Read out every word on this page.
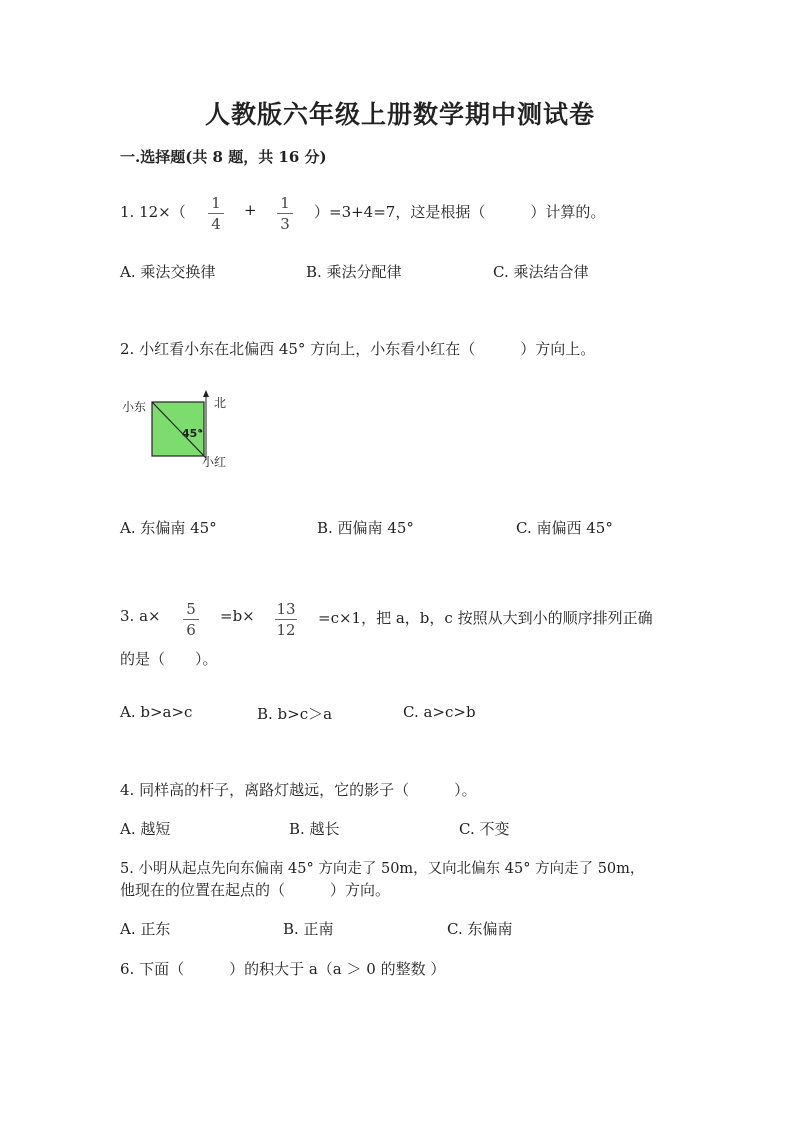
人教版六年级上册数学期中测试卷
一.选择题(共 8 题，共 16 分)
1. 12×（ 1
4
+ 1
3
）=3+4=7，这是根据（　　　）计算的。
A. 乘法交换律	B. 乘法分配律	C. 乘法结合律
2. 小红看小东在北偏西 45° 方向上，小东看小红在（　　　）方向上。
小东	北
45°
小红
A. 东偏南 45°	B. 西偏南 45°	C. 南偏西 45°
3. a× 5
6
=b× 13
12
=c×1，把 a，b，c 按照从大到小的顺序排列正确
的是（　　）。
A. b>a>c	B. b>c＞a	C. a>c>b
4. 同样高的杆子，离路灯越远，它的影子（　　　）。
A. 越短	B. 越长	C. 不变
5. 小明从起点先向东偏南 45° 方向走了 50m，又向北偏东 45° 方向走了 50m，
他现在的位置在起点的（　　　）方向。
A. 正东	B. 正南	C. 东偏南
6. 下面（　　　）的积大于 a（a ＞ 0 的整数 ）
